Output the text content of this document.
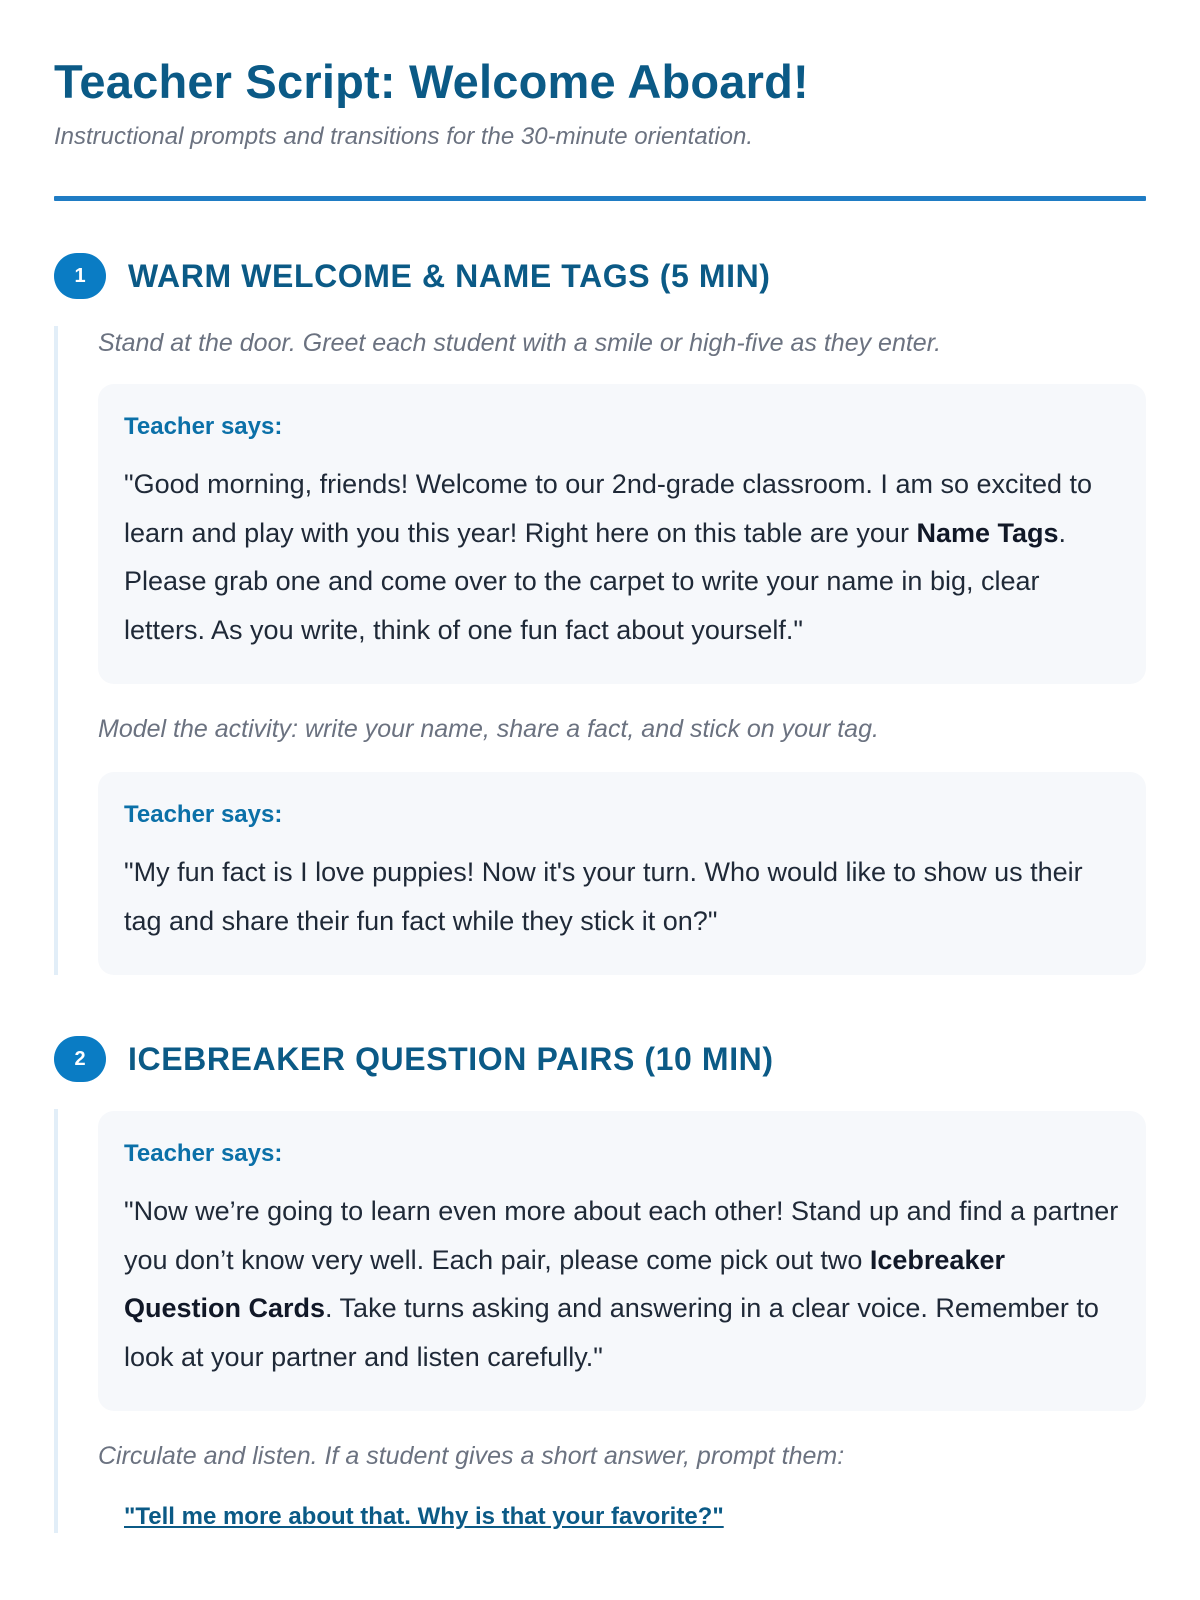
Teacher Script: Welcome Aboard!

Instructional prompts and transitions for the 30-minute orientation.

1	WARM WELCOME & NAME TAGS (5 MIN)

Stand at the door. Greet each student with a smile or high-five as they enter.

Teacher says:
"Good morning, friends! Welcome to our 2nd-grade classroom. I am so excited to learn and play with you this year! Right here on this table are your Name Tags. Please grab one and come over to the carpet to write your name in big, clear letters. As you write, think of one fun fact about yourself."

Model the activity: write your name, share a fact, and stick on your tag.

Teacher says:
"My fun fact is I love puppies! Now it's your turn. Who would like to show us their tag and share their fun fact while they stick it on?"
2	ICEBREAKER QUESTION PAIRS (10 MIN)
Teacher says:
"Now we’re going to learn even more about each other! Stand up and find a partner you don’t know very well. Each pair, please come pick out two Icebreaker Question Cards. Take turns asking and answering in a clear voice. Remember to look at your partner and listen carefully."

Circulate and listen. If a student gives a short answer, prompt them:

"Tell me more about that. Why is that your favorite?"
